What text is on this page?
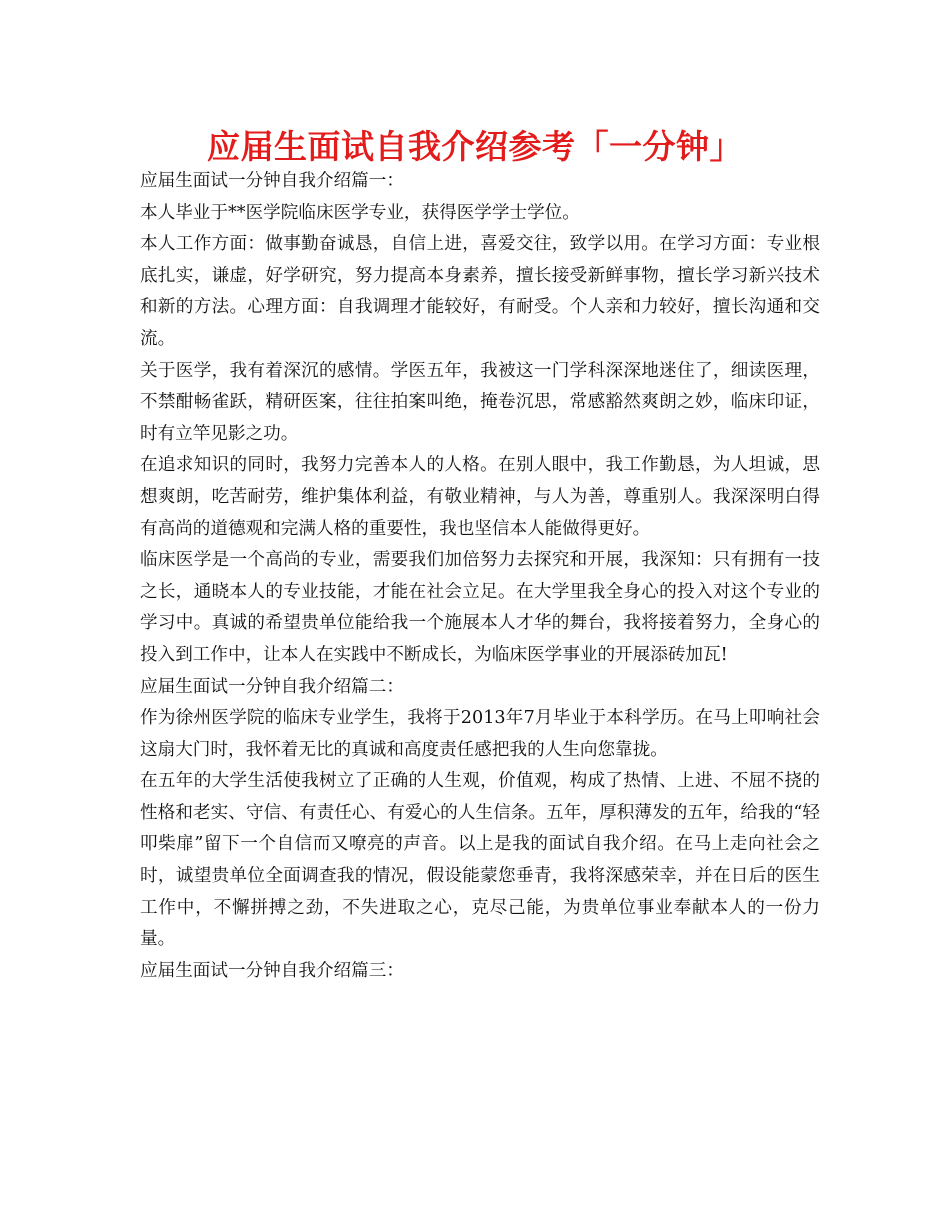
应届生面试自我介绍参考「一分钟」

应届生面试一分钟自我介绍篇一：

本人毕业于**医学院临床医学专业，获得医学学士学位。

本人工作方面：做事勤奋诚恳，自信上进，喜爱交往，致学以用。在学习方面：专业根底扎实，谦虚，好学研究，努力提高本身素养，擅长接受新鲜事物，擅长学习新兴技术和新的方法。心理方面：自我调理才能较好，有耐受。个人亲和力较好，擅长沟通和交流。

关于医学，我有着深沉的感情。学医五年，我被这一门学科深深地迷住了，细读医理，不禁酣畅雀跃，精研医案，往往拍案叫绝，掩卷沉思，常感豁然爽朗之妙，临床印证，时有立竿见影之功。

在追求知识的同时，我努力完善本人的人格。在别人眼中，我工作勤恳，为人坦诚，思想爽朗，吃苦耐劳，维护集体利益，有敬业精神，与人为善，尊重别人。我深深明白得有高尚的道德观和完满人格的重要性，我也坚信本人能做得更好。

临床医学是一个高尚的专业，需要我们加倍努力去探究和开展，我深知：只有拥有一技之长，通晓本人的专业技能，才能在社会立足。在大学里我全身心的投入对这个专业的学习中。真诚的希望贵单位能给我一个施展本人才华的舞台，我将接着努力，全身心的投入到工作中，让本人在实践中不断成长，为临床医学事业的开展添砖加瓦!

应届生面试一分钟自我介绍篇二：

作为徐州医学院的临床专业学生，我将于2013年7月毕业于本科学历。在马上叩响社会这扇大门时，我怀着无比的真诚和高度责任感把我的人生向您靠拢。

在五年的大学生活使我树立了正确的人生观，价值观，构成了热情、上进、不屈不挠的性格和老实、守信、有责任心、有爱心的人生信条。五年，厚积薄发的五年，给我的“轻叩柴扉”留下一个自信而又嘹亮的声音。以上是我的面试自我介绍。在马上走向社会之时，诚望贵单位全面调查我的情况，假设能蒙您垂青，我将深感荣幸，并在日后的医生工作中，不懈拼搏之劲，不失进取之心，克尽己能，为贵单位事业奉献本人的一份力量。

应届生面试一分钟自我介绍篇三：
